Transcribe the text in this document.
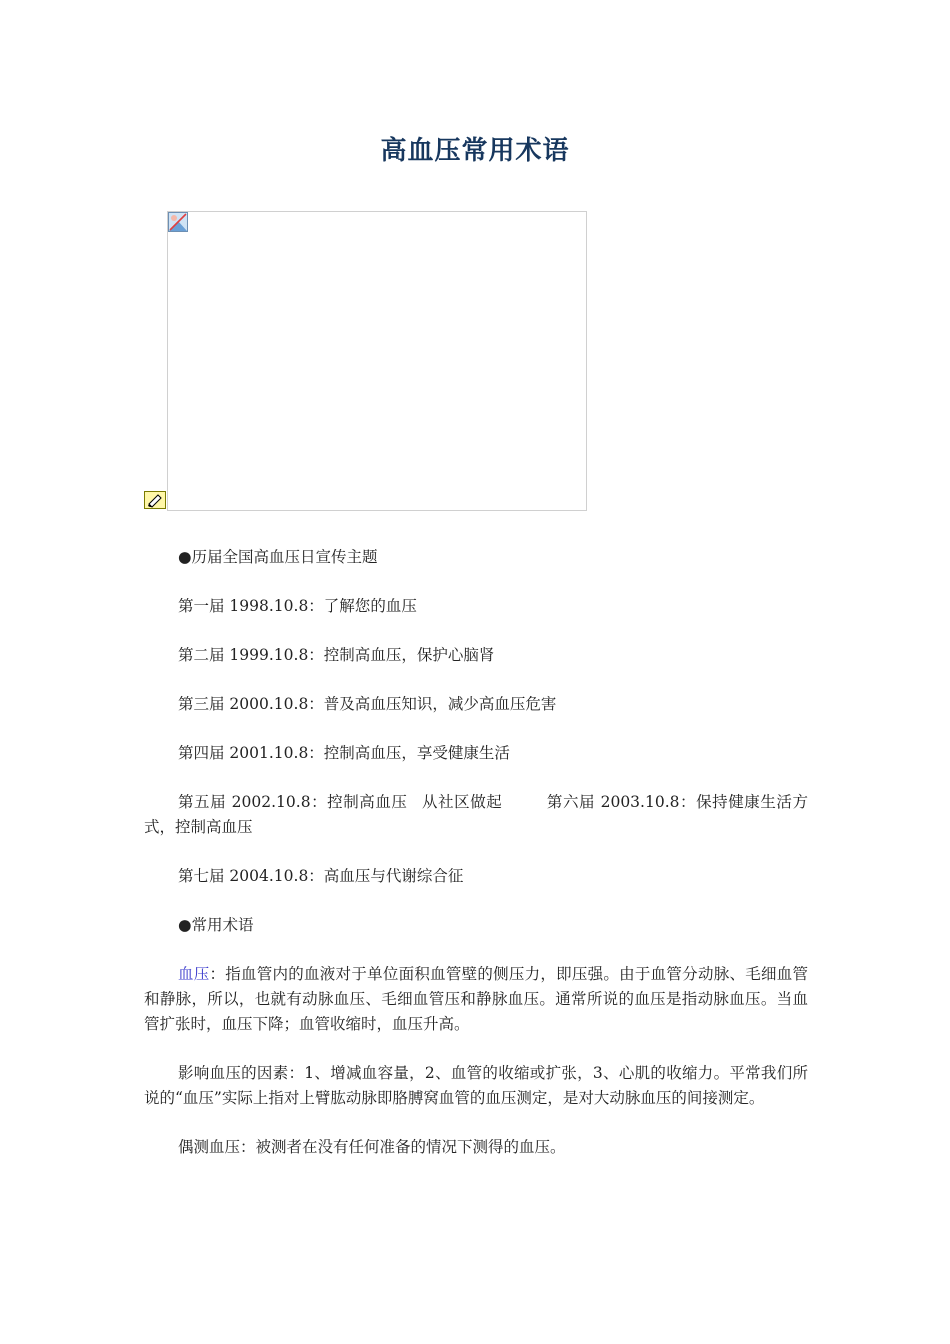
高血压常用术语

●历届全国高血压日宣传主题

第一届 1998.10.8：了解您的血压

第二届 1999.10.8：控制高血压，保护心脑肾

第三届 2000.10.8：普及高血压知识，减少高血压危害

第四届 2001.10.8：控制高血压，享受健康生活

第五届 2002.10.8：控制高血压 从社区做起	第六届 2003.10.8：保持健康生活方式，控制高血压

第七届 2004.10.8：高血压与代谢综合征

●常用术语

血压：指血管内的血液对于单位面积血管壁的侧压力，即压强。由于血管分动脉、毛细血管和静脉，所以，也就有动脉血压、毛细血管压和静脉血压。通常所说的血压是指动脉血压。当血管扩张时，血压下降；血管收缩时，血压升高。

影响血压的因素：1、增减血容量，2、血管的收缩或扩张，3、心肌的收缩力。平常我们所说的“血压”实际上指对上臂肱动脉即胳膊窝血管的血压测定，是对大动脉血压的间接测定。

偶测血压：被测者在没有任何准备的情况下测得的血压。
